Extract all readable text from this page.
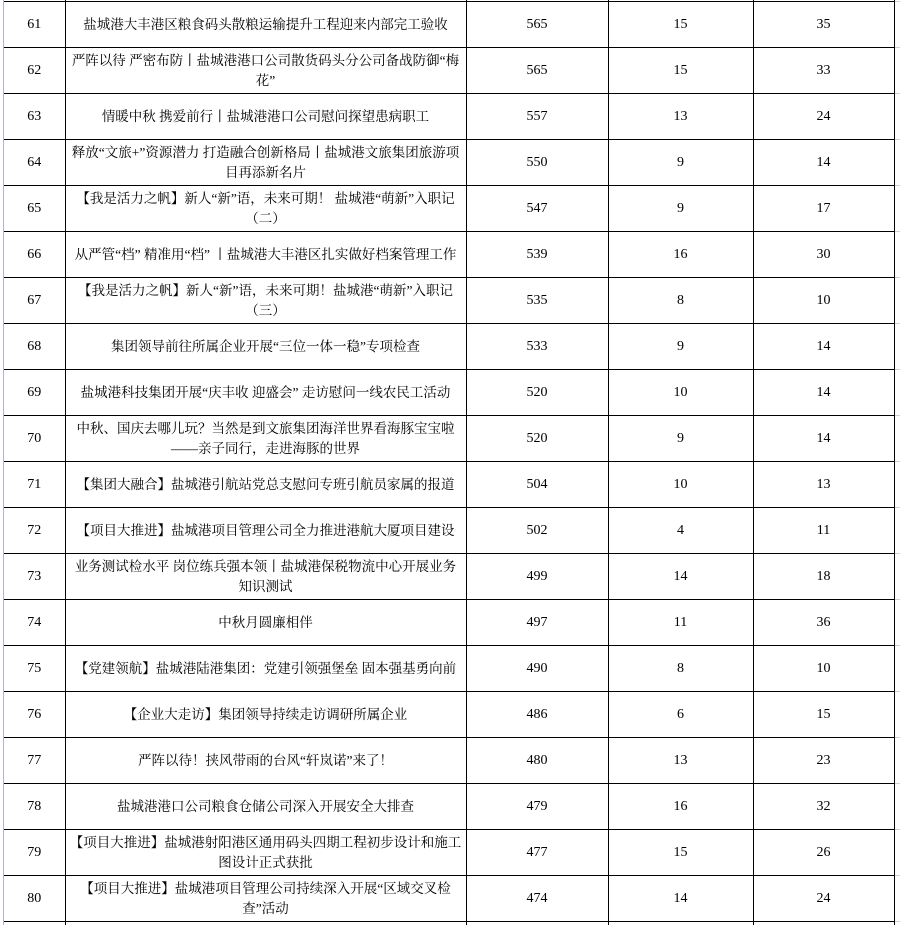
61	盐城港大丰港区粮食码头散粮运输提升工程迎来内部完工验收	565	15	35
62	严阵以待 严密布防丨盐城港港口公司散货码头分公司备战防御“梅花”	565	15	33
63	情暖中秋 携爱前行丨盐城港港口公司慰问探望患病职工	557	13	24
64	释放“文旅+”资源潜力 打造融合创新格局丨盐城港文旅集团旅游项目再添新名片	550	9	14
65	【我是活力之帆】新人“新”语，未来可期！ 盐城港“萌新”入职记（二）	547	9	17
66	从严管“档” 精准用“档” 丨盐城港大丰港区扎实做好档案管理工作	539	16	30
67	【我是活力之帆】新人“新”语，未来可期！盐城港“萌新”入职记（三）	535	8	10
68	集团领导前往所属企业开展“三位一体一稳”专项检查	533	9	14
69	盐城港科技集团开展“庆丰收 迎盛会” 走访慰问一线农民工活动	520	10	14
70	中秋、国庆去哪儿玩？当然是到文旅集团海洋世界看海豚宝宝啦——亲子同行，走进海豚的世界	520	9	14
71	【集团大融合】盐城港引航站党总支慰问专班引航员家属的报道	504	10	13
72	【项目大推进】盐城港项目管理公司全力推进港航大厦项目建设	502	4	11
73	业务测试检水平 岗位练兵强本领丨盐城港保税物流中心开展业务知识测试	499	14	18
74	中秋月圆廉相伴	497	11	36
75	【党建领航】盐城港陆港集团：党建引领强堡垒 固本强基勇向前	490	8	10
76	【企业大走访】集团领导持续走访调研所属企业	486	6	15
77	严阵以待！挟风带雨的台风“轩岚诺”来了！	480	13	23
78	盐城港港口公司粮食仓储公司深入开展安全大排查	479	16	32
79	【项目大推进】盐城港射阳港区通用码头四期工程初步设计和施工图设计正式获批	477	15	26
80	【项目大推进】盐城港项目管理公司持续深入开展“区域交叉检查”活动	474	14	24
